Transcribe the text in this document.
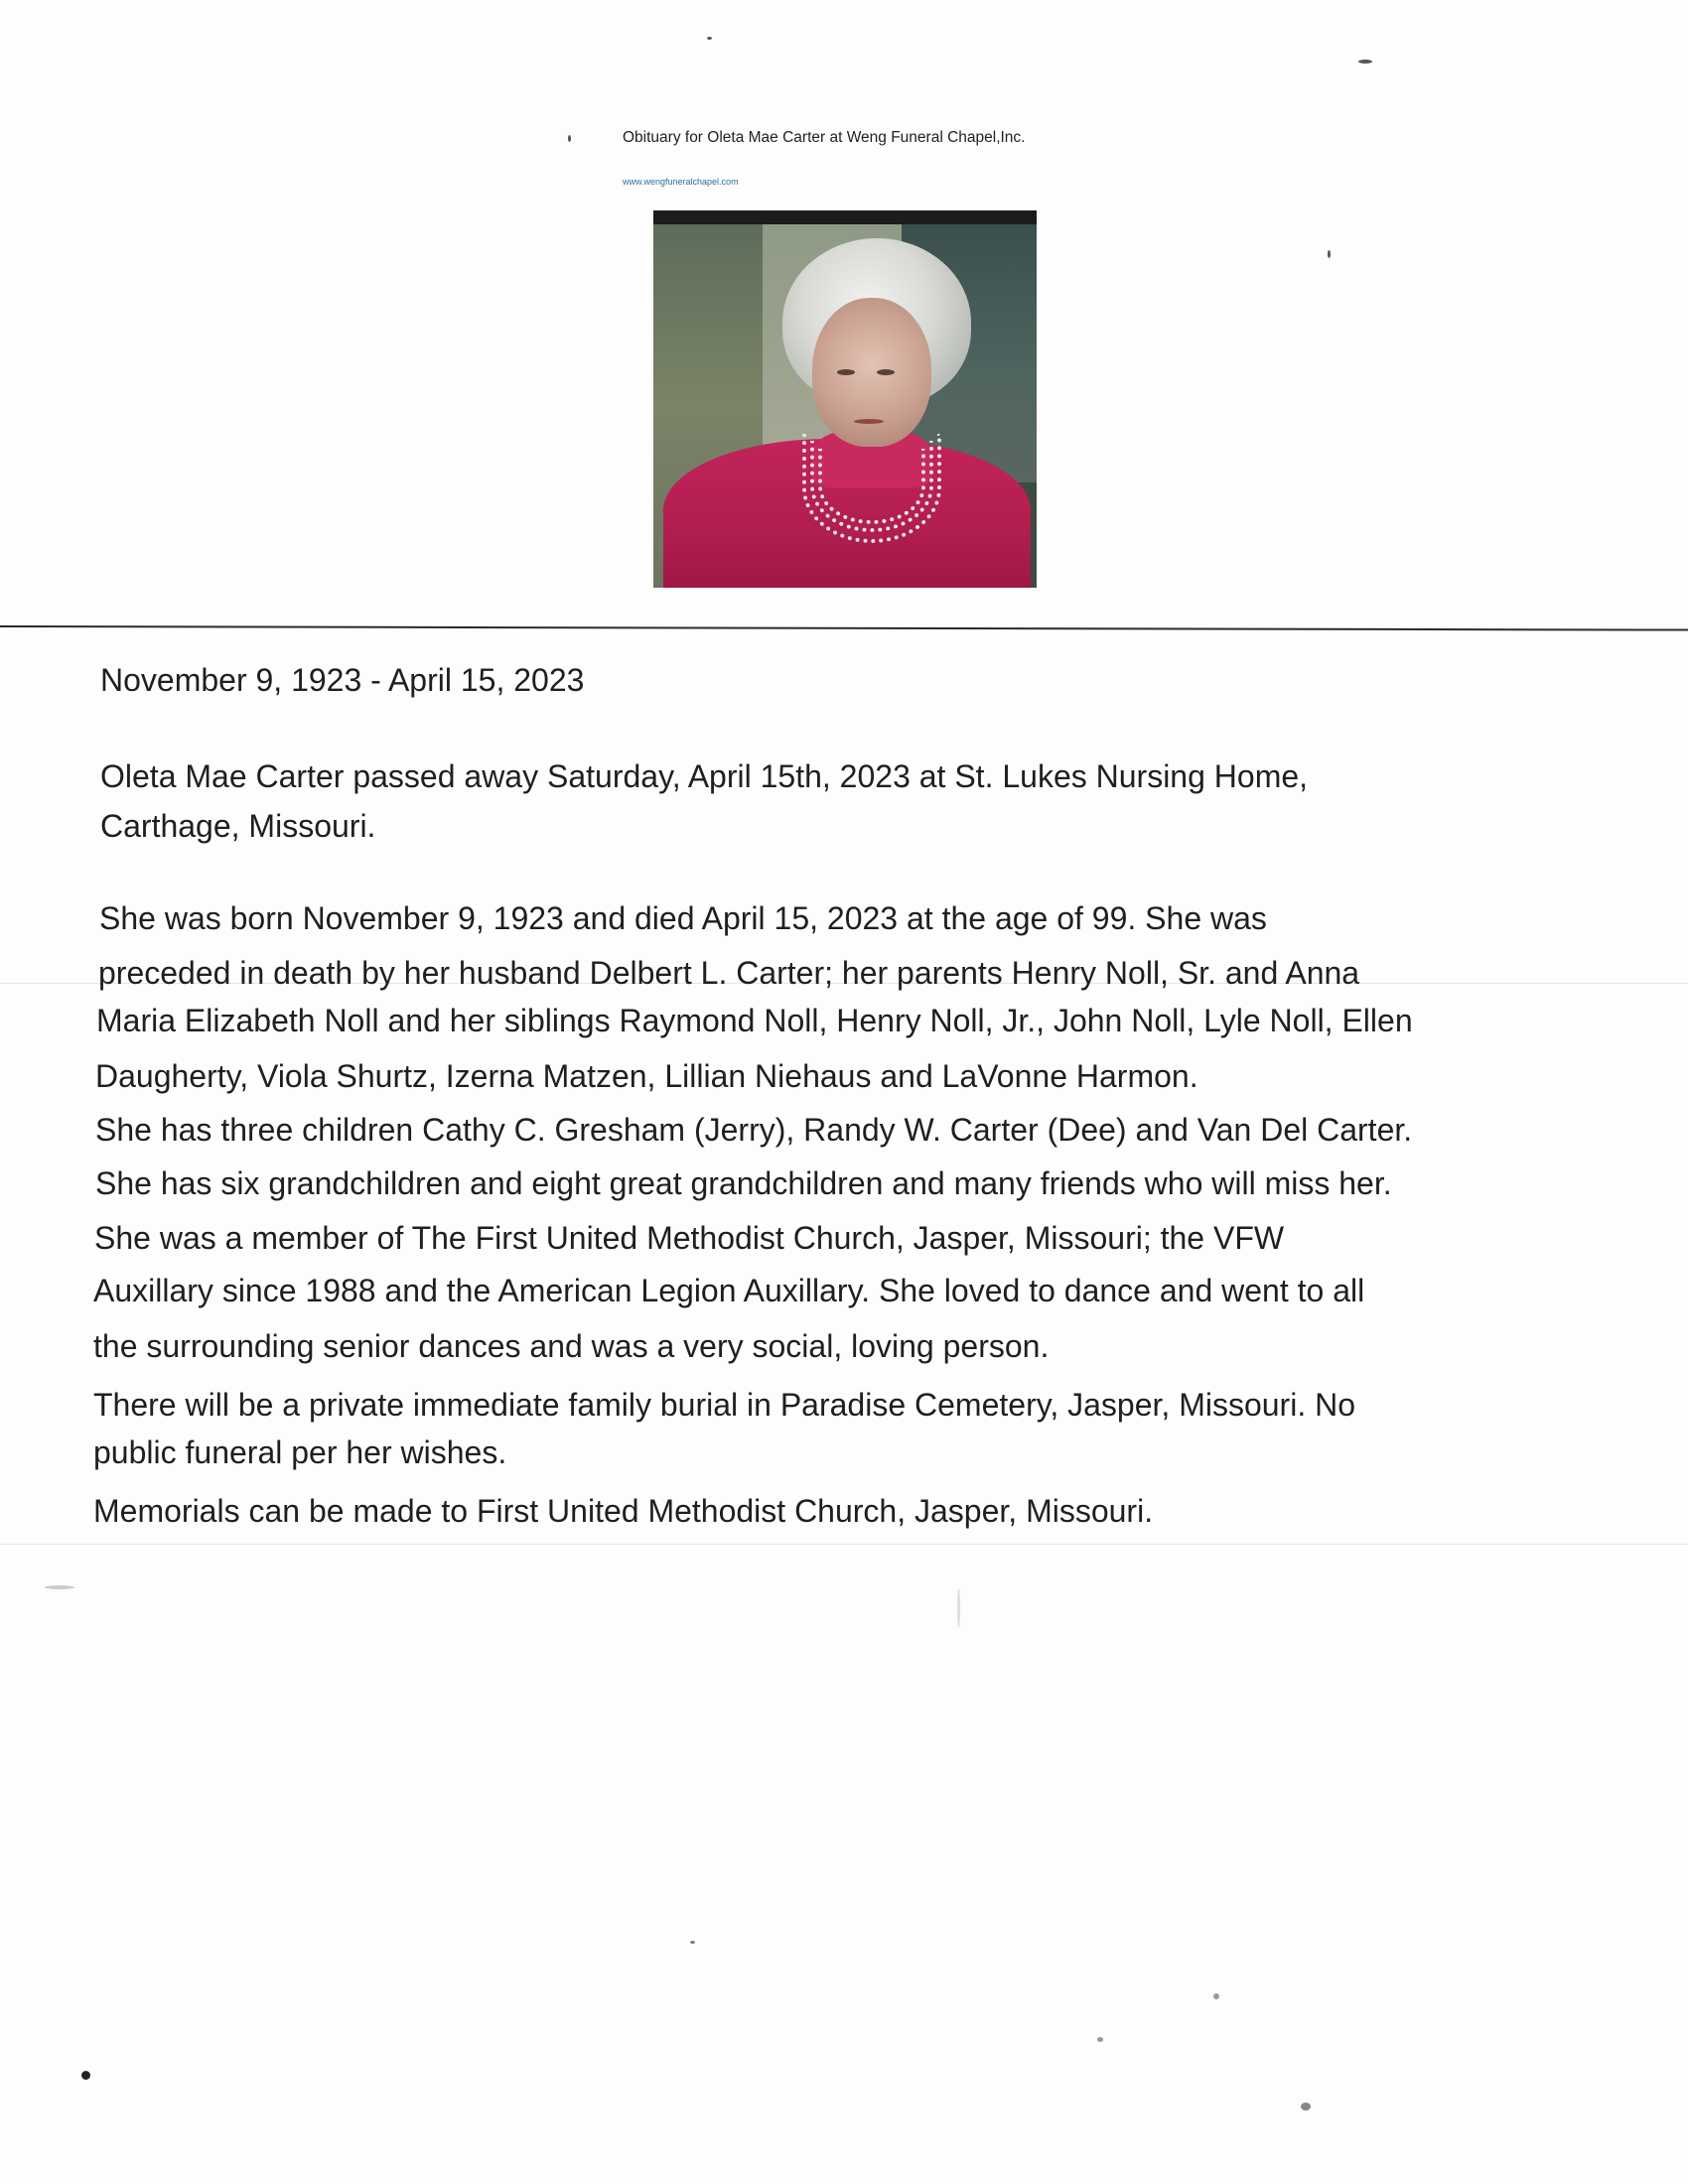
Obituary for Oleta Mae Carter at Weng Funeral Chapel,Inc.
www.wengfuneralchapel.com
November 9, 1923 - April 15, 2023
Oleta Mae Carter passed away Saturday, April 15th, 2023 at St. Lukes Nursing Home,
Carthage, Missouri.
She was born November 9, 1923 and died April 15, 2023 at the age of 99. She was
preceded in death by her husband Delbert L. Carter; her parents Henry Noll, Sr. and Anna
Maria Elizabeth Noll and her siblings Raymond Noll, Henry Noll, Jr., John Noll, Lyle Noll, Ellen
Daugherty, Viola Shurtz, Izerna Matzen, Lillian Niehaus and LaVonne Harmon.
She has three children Cathy C. Gresham (Jerry), Randy W. Carter (Dee) and Van Del Carter.
She has six grandchildren and eight great grandchildren and many friends who will miss her.
She was a member of The First United Methodist Church, Jasper, Missouri; the VFW
Auxillary since 1988 and the American Legion Auxillary. She loved to dance and went to all
the surrounding senior dances and was a very social, loving person.
There will be a private immediate family burial in Paradise Cemetery, Jasper, Missouri. No
public funeral per her wishes.
Memorials can be made to First United Methodist Church, Jasper, Missouri.
